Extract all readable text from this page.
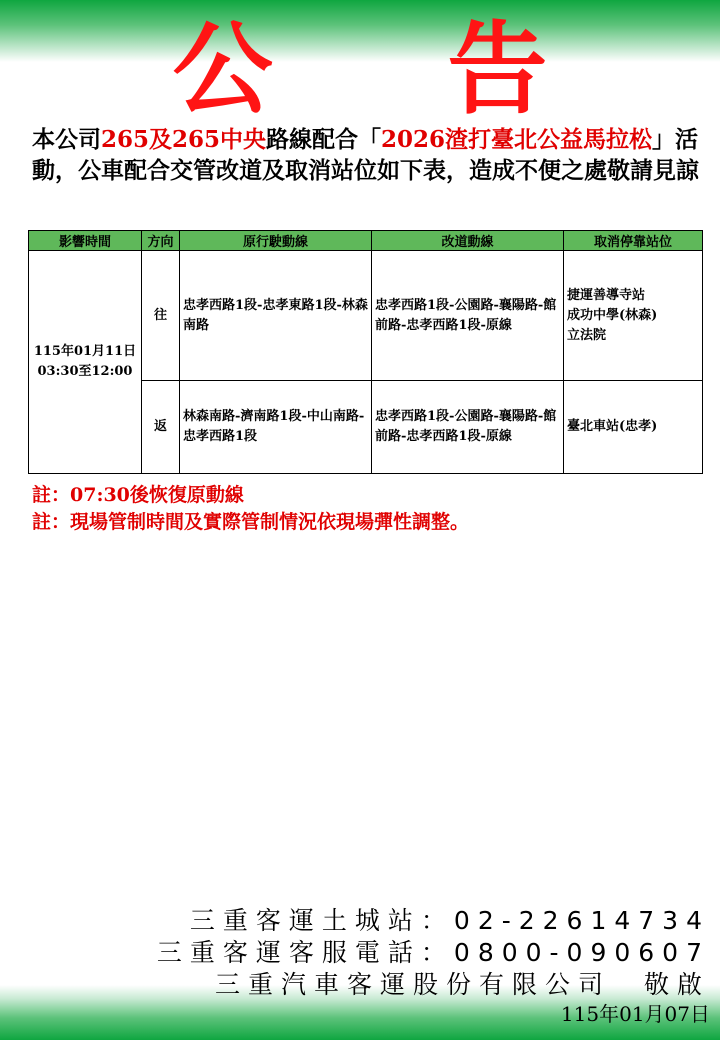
公 告
本公司265及265中央路線配合「2026渣打臺北公益馬拉松」活動，公車配合交管改道及取消站位如下表，造成不便之處敬請見諒
影響時間	方向	原行駛動線	改道動線	取消停靠站位
115年01月11日
03:30至12:00	往	忠孝西路1段-忠孝東路1段-林森南路	忠孝西路1段-公園路-襄陽路-館前路-忠孝西路1段-原線	捷運善導寺站
成功中學(林森)
立法院
	返	林森南路-濟南路1段-中山南路-忠孝西路1段	忠孝西路1段-公園路-襄陽路-館前路-忠孝西路1段-原線	臺北車站(忠孝)
註：07:30後恢復原動線
註：現場管制時間及實際管制情況依現場彈性調整。
三重客運土城站：02-22614734
三重客運客服電話：0800-090607
三重汽車客運股份有限公司　敬啟
115年01月07日
